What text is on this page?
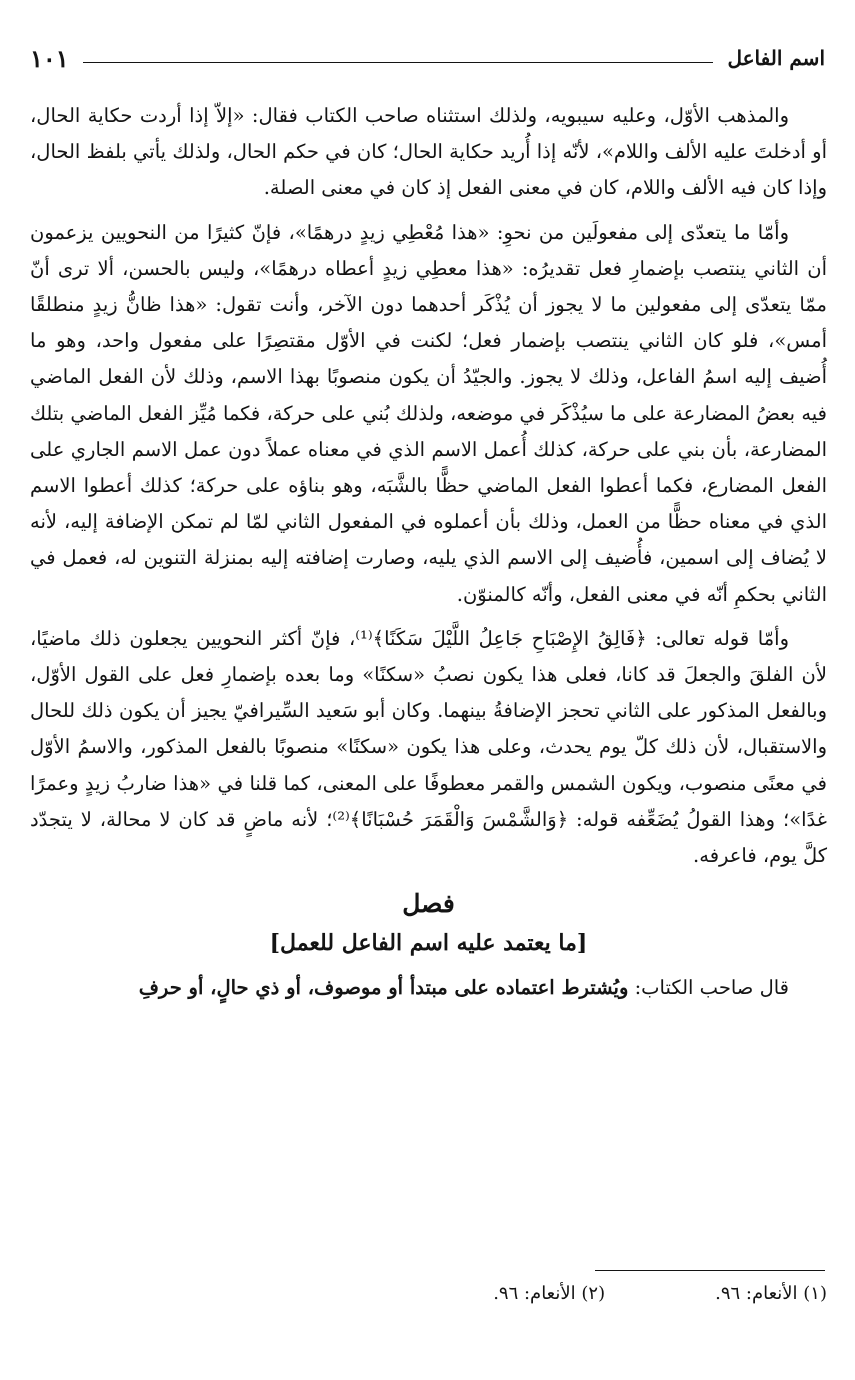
اسم الفاعل
١٠١

والمذهب الأوّل، وعليه سيبويه، ولذلك استثناه صاحب الكتاب فقال: «إلاّ إذا أردت حكاية الحال، أو أدخلتَ عليه الألف واللام»، لأنّه إذا أُريد حكاية الحال؛ كان في حكم الحال، ولذلك يأتي بلفظ الحال، وإذا كان فيه الألف واللام، كان في معنى الفعل إذ كان في معنى الصلة.

وأمّا ما يتعدّى إلى مفعولَين من نحوِ: «هذا مُعْطِي زيدٍ درهمًا»، فإنّ كثيرًا من النحويين يزعمون أن الثاني ينتصب بإضمارِ فعل تقديرُه: «هذا معطِي زيدٍ أعطاه درهمًا»، وليس بالحسن، ألا ترى أنّ ممّا يتعدّى إلى مفعولين ما لا يجوز أن يُذْكَر أحدهما دون الآخر، وأنت تقول: «هذا ظانُّ زيدٍ منطلقًا أمس»، فلو كان الثاني ينتصب بإضمار فعل؛ لكنت في الأوّل مقتصِرًا على مفعول واحد، وهو ما أُضيف إليه اسمُ الفاعل، وذلك لا يجوز. والجيّدُ أن يكون منصوبًا بهذا الاسم، وذلك لأن الفعل الماضي فيه بعضُ المضارعة على ما سيُذْكَر في موضعه، ولذلك بُني على حركة، فكما مُيِّز الفعل الماضي بتلك المضارعة، بأن بني على حركة، كذلك أُعمل الاسم الذي في معناه عملاً دون عمل الاسم الجاري على الفعل المضارع، فكما أعطوا الفعل الماضي حظًّا بالشَّبَه، وهو بناؤه على حركة؛ كذلك أعطوا الاسم الذي في معناه حظًّا من العمل، وذلك بأن أعملوه في المفعول الثاني لمّا لم تمكن الإضافة إليه، لأنه لا يُضاف إلى اسمين، فأُضيف إلى الاسم الذي يليه، وصارت إضافته إليه بمنزلة التنوين له، فعمل في الثاني بحكمِ أنّه في معنى الفعل، وأنّه كالمنوّن.

وأمّا قوله تعالى: ﴿فَالِقُ الإِصْبَاحِ جَاعِلُ اللَّيْلَ سَكَنًا﴾⁽¹⁾، فإنّ أكثر النحويين يجعلون ذلك ماضيًا، لأن الفلقَ والجعلَ قد كانا، فعلى هذا يكون نصبُ «سكنًا» وما بعده بإضمارِ فعل على القول الأوّل، وبالفعل المذكور على الثاني تحجز الإضافةُ بينهما. وكان أبو سَعيد السِّيرافيّ يجيز أن يكون ذلك للحال والاستقبال، لأن ذلك كلّ يوم يحدث، وعلى هذا يكون «سكنًا» منصوبًا بالفعل المذكور، والاسمُ الأوّل في معنًى منصوب، ويكون الشمس والقمر معطوفًا على المعنى، كما قلنا في «هذا ضاربُ زيدٍ وعمرًا غدًا»؛ وهذا القولُ يُضَعِّفه قوله: ﴿وَالشَّمْسَ وَالْقَمَرَ حُسْبَانًا﴾⁽²⁾؛ لأنه ماضٍ قد كان لا محالة، لا يتجدّد كلَّ يوم، فاعرفه.

فصل

[ما يعتمد عليه اسم الفاعل للعمل]

قال صاحب الكتاب: ويُشترط اعتماده على مبتدأ أو موصوف، أو ذي حالٍ، أو حرفِ

(١) الأنعام: ٩٦.
(٢) الأنعام: ٩٦.
